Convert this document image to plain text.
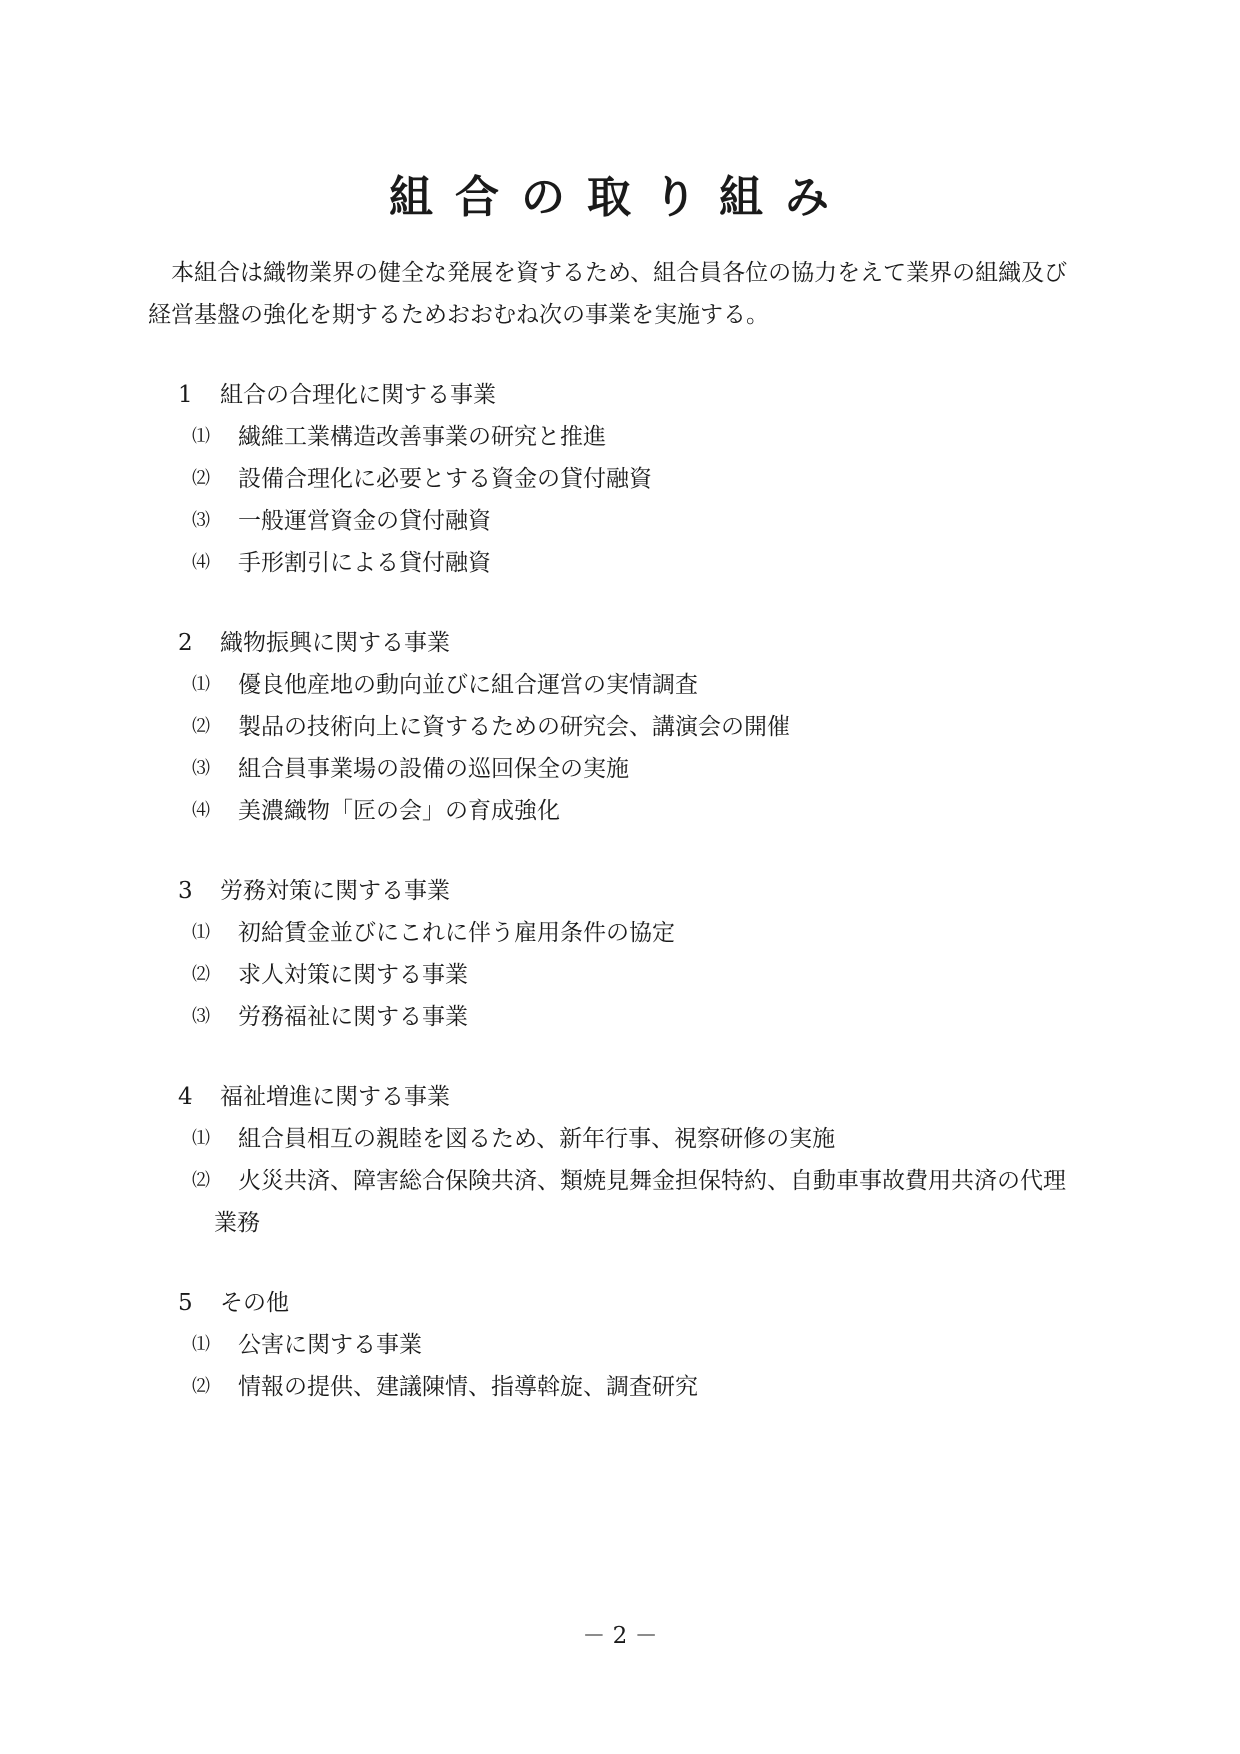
組合の取り組み
本組合は織物業界の健全な発展を資するため、組合員各位の協力をえて業界の組織及び
経営基盤の強化を期するためおおむね次の事業を実施する。
1 組合の合理化に関する事業
⑴	繊維工業構造改善事業の研究と推進
⑵	設備合理化に必要とする資金の貸付融資
⑶	一般運営資金の貸付融資
⑷	手形割引による貸付融資
2 織物振興に関する事業
⑴	優良他産地の動向並びに組合運営の実情調査
⑵	製品の技術向上に資するための研究会、講演会の開催
⑶	組合員事業場の設備の巡回保全の実施
⑷	美濃織物「匠の会」の育成強化
3 労務対策に関する事業
⑴	初給賃金並びにこれに伴う雇用条件の協定
⑵	求人対策に関する事業
⑶	労務福祉に関する事業
4 福祉増進に関する事業
⑴	組合員相互の親睦を図るため、新年行事、視察研修の実施
⑵	火災共済、障害総合保険共済、類焼見舞金担保特約、自動車事故費用共済の代理
業務
5 その他
⑴	公害に関する事業
⑵	情報の提供、建議陳情、指導斡旋、調査研究
－ 2 －
